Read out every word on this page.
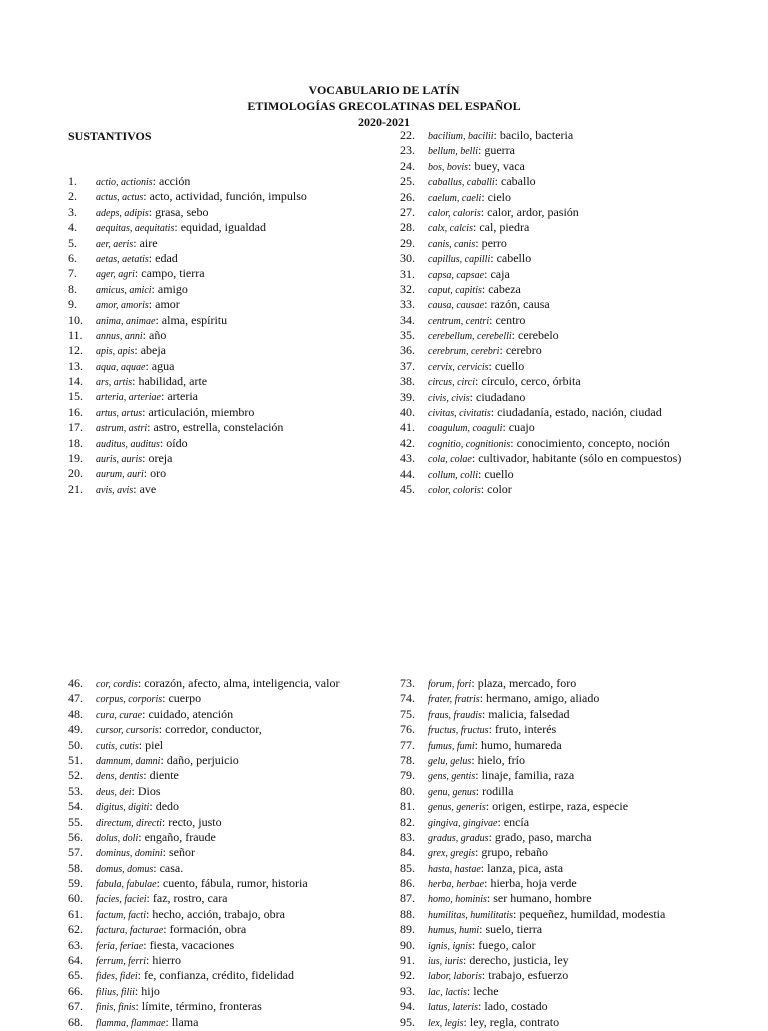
VOCABULARIO DE LATÍN
ETIMOLOGÍAS GRECOLATINAS DEL ESPAÑOL
2020-2021
SUSTANTIVOS
1. actio, actionis: acción
2. actus, actus: acto, actividad, función, impulso
3. adeps, adipis: grasa, sebo
4. aequitas, aequitatis: equidad, igualdad
5. aer, aeris: aire
6. aetas, aetatis: edad
7. ager, agri: campo, tierra
8. amicus, amici: amigo
9. amor, amoris: amor
10. anima, animae: alma, espíritu
11. annus, anni: año
12. apis, apis: abeja
13. aqua, aquae: agua
14. ars, artis: habilidad, arte
15. arteria, arteriae: arteria
16. artus, artus: articulación, miembro
17. astrum, astri: astro, estrella, constelación
18. auditus, auditus: oído
19. auris, auris: oreja
20. aurum, auri: oro
21. avis, avis: ave
22. bacilium, bacilii: bacilo, bacteria
23. bellum, belli: guerra
24. bos, bovis: buey, vaca
25. caballus, caballi: caballo
26. caelum, caeli: cielo
27. calor, caloris: calor, ardor, pasión
28. calx, calcis: cal, piedra
29. canis, canis: perro
30. capillus, capilli: cabello
31. capsa, capsae: caja
32. caput, capitis: cabeza
33. causa, causae: razón, causa
34. centrum, centri: centro
35. cerebellum, cerebelli: cerebelo
36. cerebrum, cerebri: cerebro
37. cervix, cervicis: cuello
38. circus, circi: círculo, cerco, órbita
39. civis, civis: ciudadano
40. civitas, civitatis: ciudadanía, estado, nación, ciudad
41. coagulum, coaguli: cuajo
42. cognitio, cognitionis: conocimiento, concepto, noción
43. cola, colae: cultivador, habitante (sólo en compuestos)
44. collum, colli: cuello
45. color, coloris: color
46. cor, cordis: corazón, afecto, alma, inteligencia, valor
47. corpus, corporis: cuerpo
48. cura, curae: cuidado, atención
49. cursor, cursoris: corredor, conductor,
50. cutis, cutis: piel
51. damnum, damni: daño, perjuicio
52. dens, dentis: diente
53. deus, dei: Dios
54. digitus, digiti: dedo
55. directum, directi: recto, justo
56. dolus, doli: engaño, fraude
57. dominus, domini: señor
58. domus, domus: casa.
59. fabula, fabulae: cuento, fábula, rumor, historia
60. facies, faciei: faz, rostro, cara
61. factum, facti: hecho, acción, trabajo, obra
62. factura, facturae: formación, obra
63. feria, feriae: fiesta, vacaciones
64. ferrum, ferri: hierro
65. fides, fidei: fe, confianza, crédito, fidelidad
66. filius, filii: hijo
67. finis, finis: límite, término, fronteras
68. flamma, flammae: llama
73. forum, fori: plaza, mercado, foro
74. frater, fratris: hermano, amigo, aliado
75. fraus, fraudis: malicia, falsedad
76. fructus, fructus: fruto, interés
77. fumus, fumi: humo, humareda
78. gelu, gelus: hielo, frío
79. gens, gentis: linaje, familia, raza
80. genu, genus: rodilla
81. genus, generis: origen, estirpe, raza, especie
82. gingiva, gingivae: encía
83. gradus, gradus: grado, paso, marcha
84. grex, gregis: grupo, rebaño
85. hasta, hastae: lanza, pica, asta
86. herba, herbae: hierba, hoja verde
87. homo, hominis: ser humano, hombre
88. humilitas, humilitatis: pequeñez, humildad, modestia
89. humus, humi: suelo, tierra
90. ignis, ignis: fuego, calor
91. ius, iuris: derecho, justicia, ley
92. labor, laboris: trabajo, esfuerzo
93. lac, lactis: leche
94. latus, lateris: lado, costado
95. lex, legis: ley, regla, contrato
